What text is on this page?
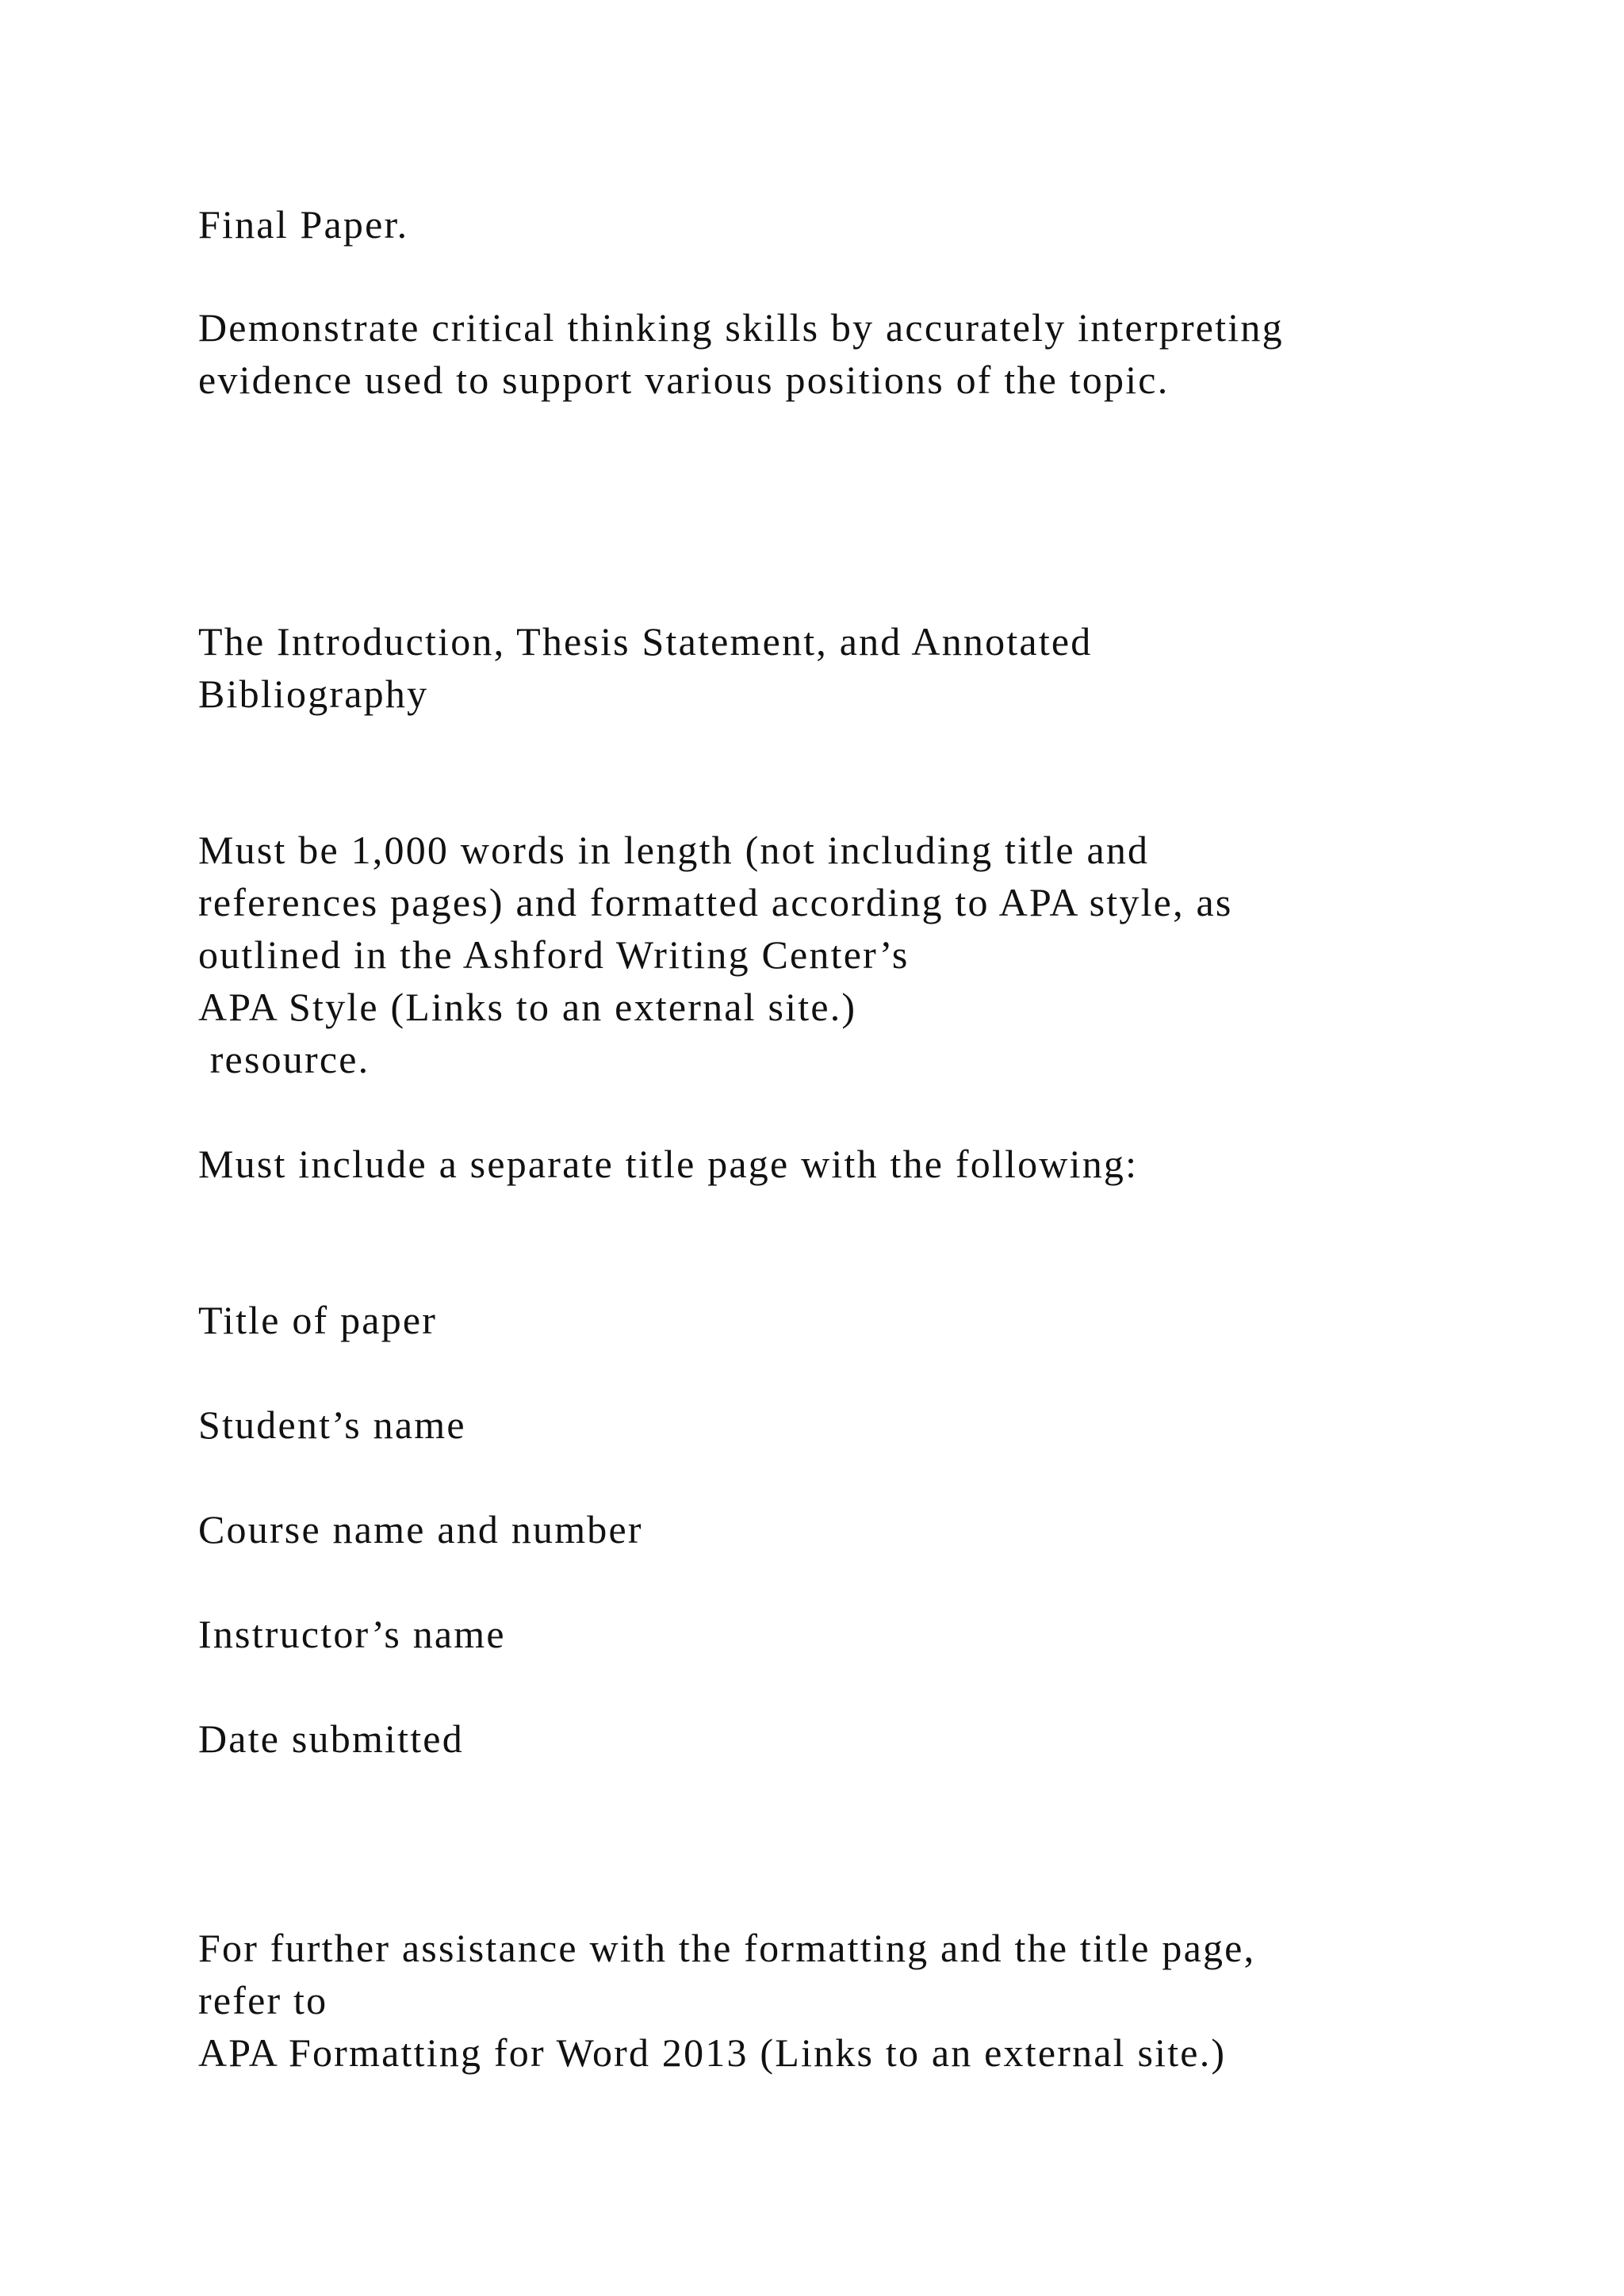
Final Paper.

Demonstrate critical thinking skills by accurately interpreting

evidence used to support various positions of the topic.

The Introduction, Thesis Statement, and Annotated

Bibliography

Must be 1,000 words in length (not including title and

references pages) and formatted according to APA style, as

outlined in the Ashford Writing Center’s

APA Style (Links to an external site.)

resource.

Must include a separate title page with the following:

Title of paper

Student’s name

Course name and number

Instructor’s name

Date submitted

For further assistance with the formatting and the title page,

refer to

APA Formatting for Word 2013 (Links to an external site.)
